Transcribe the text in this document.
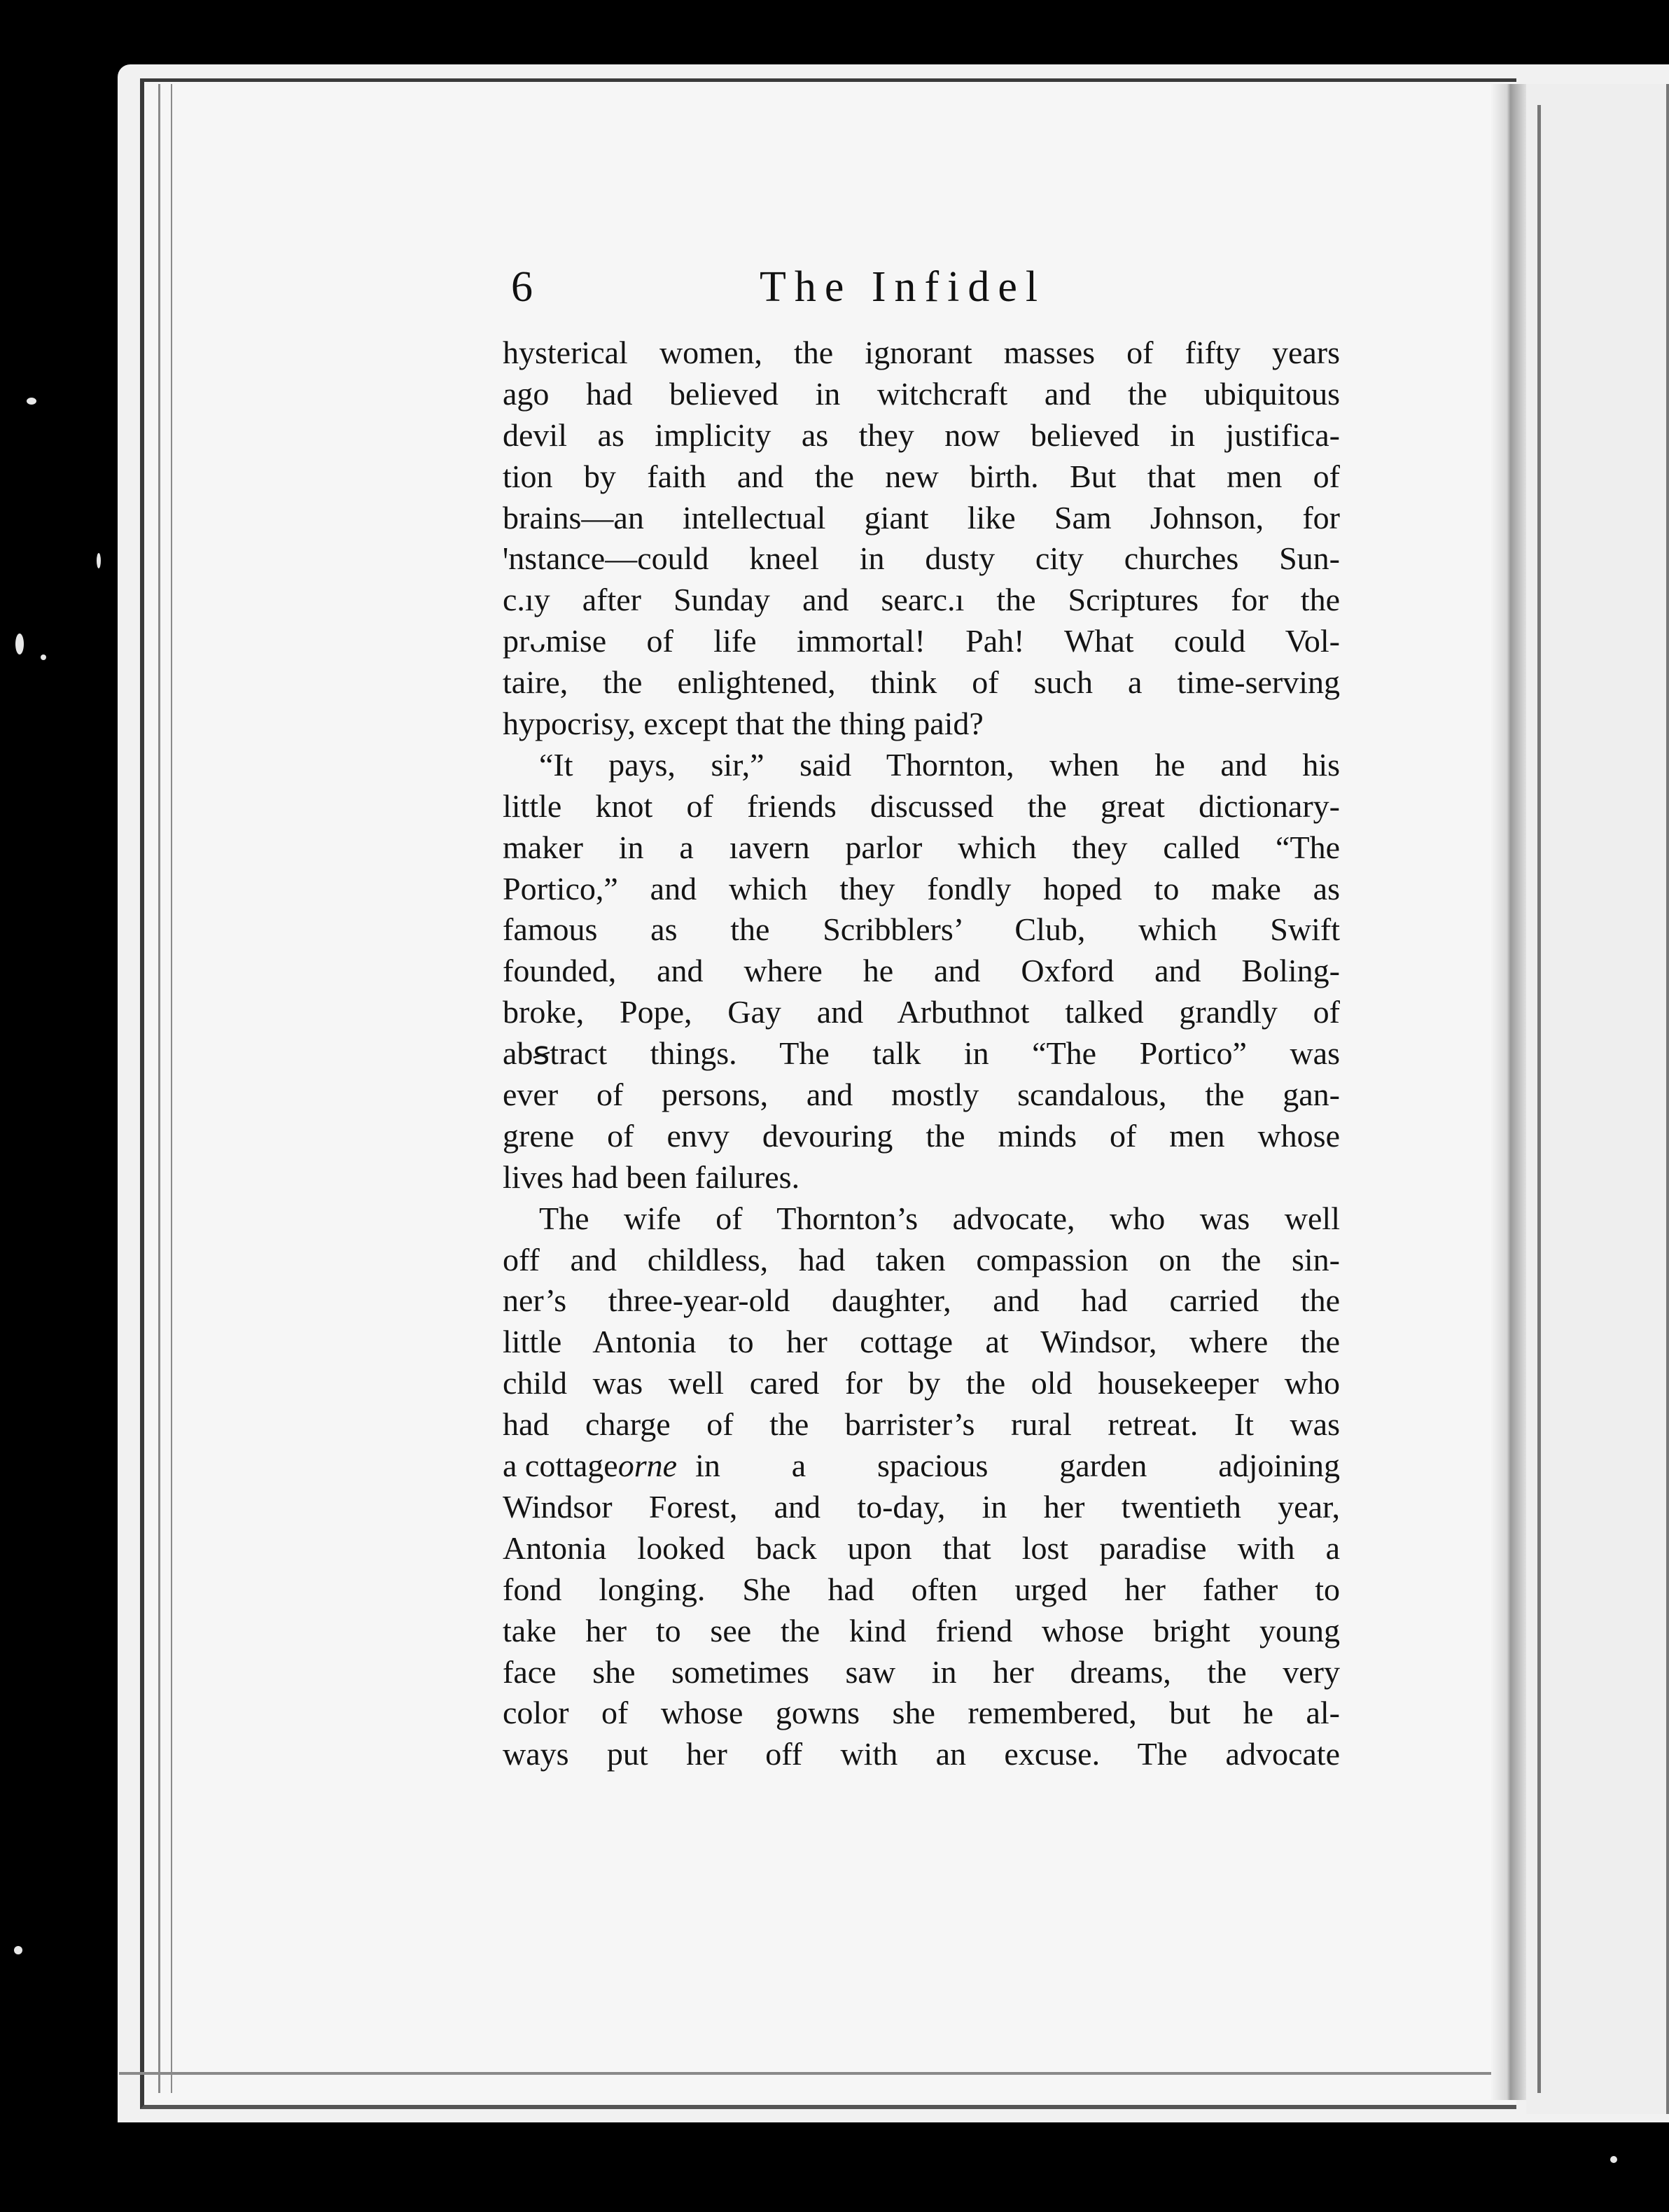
6	The Infidel
hysterical women, the ignorant masses of fifty years
ago had believed in witchcraft and the ubiquitous
devil as implicity as they now believed in justifica-
tion by faith and the new birth. But that men of
brains—an intellectual giant like Sam Johnson, for
ꞌnstance—could kneel in dusty city churches Sun-
c.ıy after Sunday and searc.ı the Scriptures for the
prᴗmise of life immortal! Pah! What could Vol-
taire, the enlightened, think of such a time-serving
hypocrisy, except that the thing paid?
“It pays, sir,” said Thornton, when he and his
little knot of friends discussed the great dictionary-
maker in a ıavern parlor which they called “The
Portico,” and which they fondly hoped to make as
famous as the Scribblers’ Club, which Swift
founded, and where he and Oxford and Boling-
broke, Pope, Gay and Arbuthnot talked grandly of
abꞩtract things. The talk in “The Portico” was
ever of persons, and mostly scandalous, the gan-
grene of envy devouring the minds of men whose
lives had been failures.
The wife of Thornton’s advocate, who was well
off and childless, had taken compassion on the sin-
ner’s three-year-old daughter, and had carried the
little Antonia to her cottage at Windsor, where the
child was well cared for by the old housekeeper who
had charge of the barrister’s rural retreat. It was
a cottage orne in a spacious garden adjoining
Windsor Forest, and to-day, in her twentieth year,
Antonia looked back upon that lost paradise with a
fond longing. She had often urged her father to
take her to see the kind friend whose bright young
face she sometimes saw in her dreams, the very
color of whose gowns she remembered, but he al-
ways put her off with an excuse. The advocate
